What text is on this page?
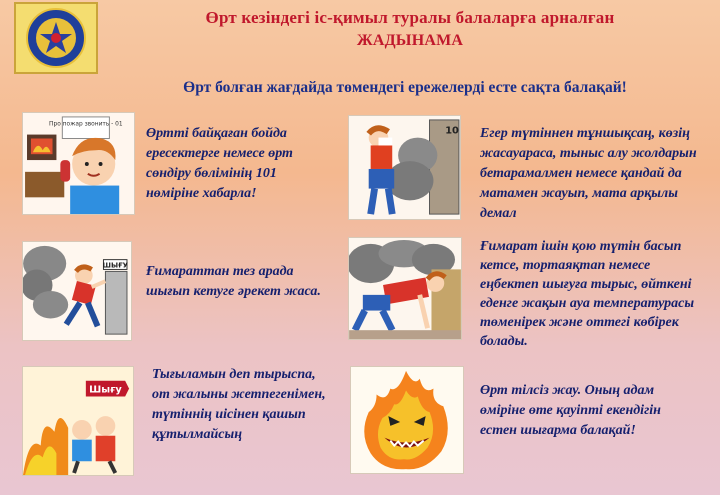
Өрт кезіндегі іс-қимыл туралы балаларға арналған
ЖАДЫНАМА
Өрт болған жағдайда төмендегі ережелерді есте сақта балақай!
Про пожар звонить - 01
Өртті байқаған бойда ересектерге немесе өрт сөндіру бөлімінің 101 нөміріне хабарла!
ШЫҒУ Ғимараттан тез арада шығып кетуге әрекет жаса.
Шығу
Тығыламын деп тырыспа, от жалыны жетпегенімен, түтіннің иісінен қашып құтылмайсың
10 Егер түтіннен тұншықсаң, көзің жасауараса, тыныс алу жолдарын бетарамалмен немесе қандай да матамен жауып, мата арқылы демал
Ғимарат ішін қою түтін басып кетсе, тортаяқтап немесе еңбектеп шығуға тырыс, өйткені еденге жақын ауа температурасы төменірек және оттегі көбірек болады.
Өрт тілсіз жау. Оның адам өміріне өте қауіпті екендігін естен шығарма балақай!
